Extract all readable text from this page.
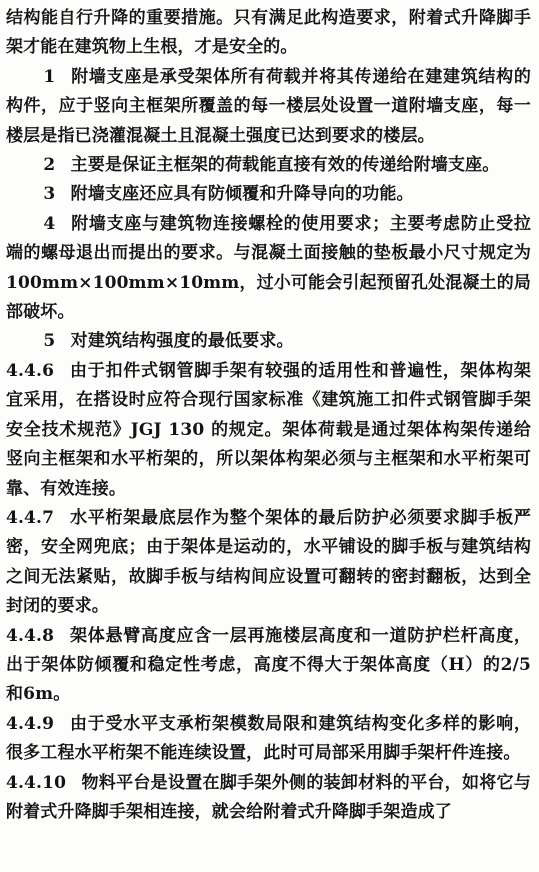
结构能自行升降的重要措施。只有满足此构造要求，附着式升降脚手架才能在建筑物上生根，才是安全的。

1 附墙支座是承受架体所有荷载并将其传递给在建建筑结构的构件，应于竖向主框架所覆盖的每一楼层处设置一道附墙支座，每一楼层是指已浇灌混凝土且混凝土强度已达到要求的楼层。

2 主要是保证主框架的荷载能直接有效的传递给附墙支座。

3 附墙支座还应具有防倾覆和升降导向的功能。

4 附墙支座与建筑物连接螺栓的使用要求；主要考虑防止受拉端的螺母退出而提出的要求。与混凝土面接触的垫板最小尺寸规定为100mm×100mm×10mm，过小可能会引起预留孔处混凝土的局部破坏。

5 对建筑结构强度的最低要求。

4.4.6 由于扣件式钢管脚手架有较强的适用性和普遍性，架体构架宜采用，在搭设时应符合现行国家标准《建筑施工扣件式钢管脚手架安全技术规范》JGJ 130 的规定。架体荷载是通过架体构架传递给竖向主框架和水平桁架的，所以架体构架必须与主框架和水平桁架可靠、有效连接。

4.4.7 水平桁架最底层作为整个架体的最后防护必须要求脚手板严密，安全网兜底；由于架体是运动的，水平铺设的脚手板与建筑结构之间无法紧贴，故脚手板与结构间应设置可翻转的密封翻板，达到全封闭的要求。

4.4.8 架体悬臂高度应含一层再施楼层高度和一道防护栏杆高度，出于架体防倾覆和稳定性考虑，高度不得大于架体高度（H）的2/5和6m。

4.4.9 由于受水平支承桁架模数局限和建筑结构变化多样的影响，很多工程水平桁架不能连续设置，此时可局部采用脚手架杆件连接。

4.4.10 物料平台是设置在脚手架外侧的装卸材料的平台，如将它与附着式升降脚手架相连接，就会给附着式升降脚手架造成了
